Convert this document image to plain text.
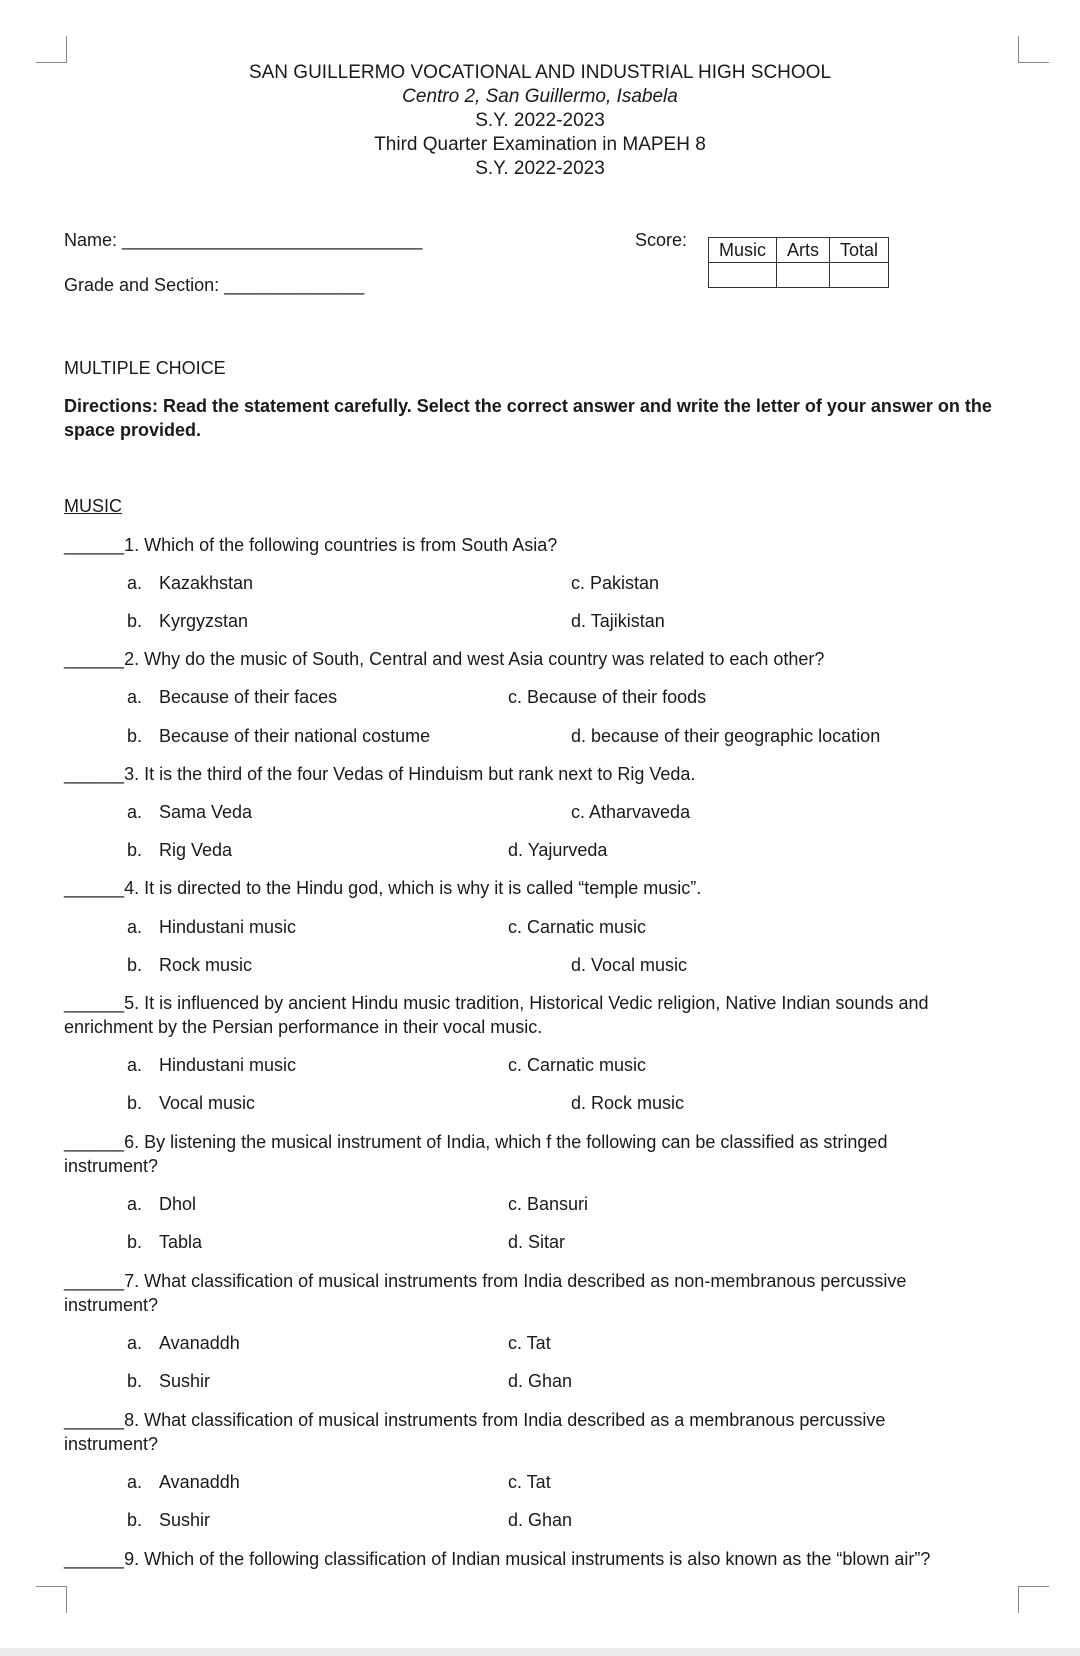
SAN GUILLERMO VOCATIONAL AND INDUSTRIAL HIGH SCHOOL
Centro 2, San Guillermo, Isabela
S.Y. 2022-2023
Third Quarter Examination in MAPEH 8
S.Y. 2022-2023
Name: ______________________________	Score: Music	Arts	Total

Grade and Section: ______________
MULTIPLE CHOICE
Directions: Read the statement carefully. Select the correct answer and write the letter of your answer on the
space provided.
MUSIC
______1. Which of the following countries is from South Asia?
a. Kazakhstan	c. Pakistan
b. Kyrgyzstan	d. Tajikistan
______2. Why do the music of South, Central and west Asia country was related to each other?
a. Because of their faces	c. Because of their foods
b. Because of their national costume	d. because of their geographic location
______3. It is the third of the four Vedas of Hinduism but rank next to Rig Veda.
a. Sama Veda	c. Atharvaveda
b. Rig Veda	d. Yajurveda
______4. It is directed to the Hindu god, which is why it is called “temple music”.
a. Hindustani music	c. Carnatic music
b. Rock music	d. Vocal music
______5. It is influenced by ancient Hindu music tradition, Historical Vedic religion, Native Indian sounds and
enrichment by the Persian performance in their vocal music.
a. Hindustani music	c. Carnatic music
b. Vocal music	d. Rock music
______6. By listening the musical instrument of India, which f the following can be classified as stringed
instrument?
a. Dhol	c. Bansuri
b. Tabla	d. Sitar
______7. What classification of musical instruments from India described as non-membranous percussive
instrument?
a. Avanaddh	c. Tat
b. Sushir	d. Ghan
______8. What classification of musical instruments from India described as a membranous percussive
instrument?
a. Avanaddh	c. Tat
b. Sushir	d. Ghan
______9. Which of the following classification of Indian musical instruments is also known as the “blown air”?
